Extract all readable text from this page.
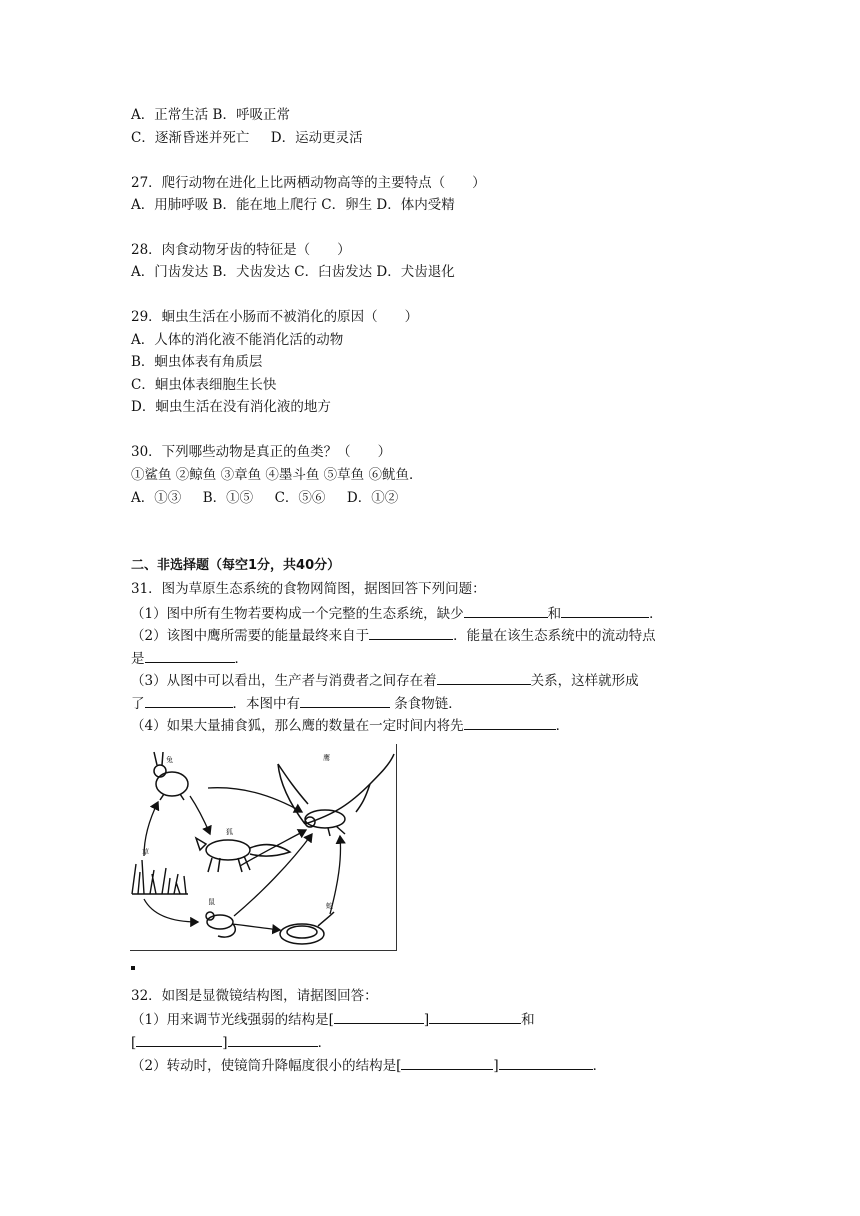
A．正常生活 B．呼吸正常
C．逐渐昏迷并死亡     D．运动更灵活
27．爬行动物在进化上比两栖动物高等的主要特点（　　）
A．用肺呼吸 B．能在地上爬行 C．卵生 D．体内受精
28．肉食动物牙齿的特征是（　　）
A．门齿发达 B．犬齿发达 C．臼齿发达 D．犬齿退化
29．蛔虫生活在小肠而不被消化的原因（　　）
A．人体的消化液不能消化活的动物
B．蛔虫体表有角质层
C．蛔虫体表细胞生长快
D．蛔虫生活在没有消化液的地方
30．下列哪些动物是真正的鱼类？（　　）
①鲨鱼 ②鲸鱼 ③章鱼 ④墨斗鱼 ⑤草鱼 ⑥鱿鱼．
A．①③     B．①⑤     C．⑤⑥     D．①②
二、非选择题（每空1分，共40分）
31．图为草原生态系统的食物网简图，据图回答下列问题：
（1）图中所有生物若要构成一个完整的生态系统，缺少	和	．
（2）该图中鹰所需要的能量最终来自于	．能量在该生态系统中的流动特点
是	．
（3）从图中可以看出，生产者与消费者之间存在着	关系，这样就形成
了	．本图中有	条食物链．
（4）如果大量捕食狐，那么鹰的数量在一定时间内将先	．
兔	鹰
狐
草
鼠	蛇
32．如图是显微镜结构图，请据图回答：
（1）用来调节光线强弱的结构是[	]	和
[	]	．
（2）转动时，使镜筒升降幅度很小的结构是[	]	．
